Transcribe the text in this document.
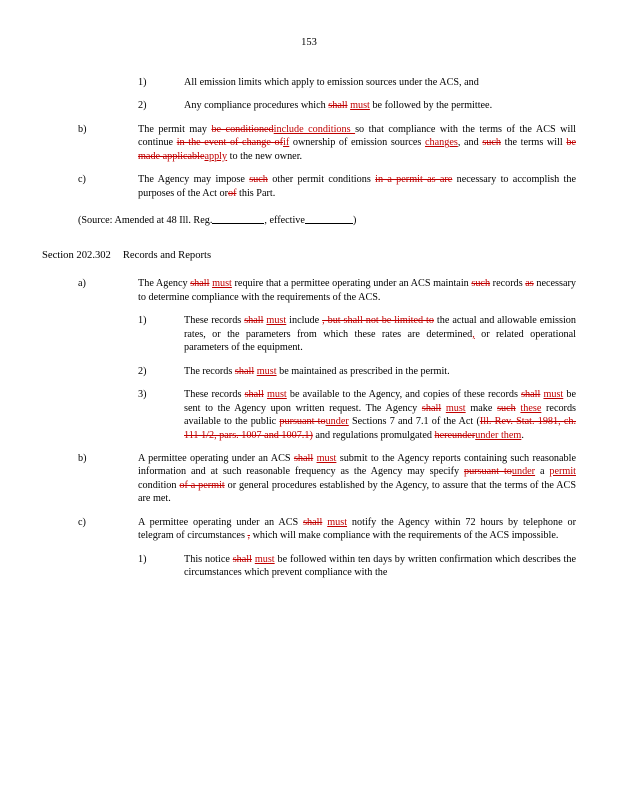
153
1)	All emission limits which apply to emission sources under the ACS, and
2)	Any compliance procedures which shall must be followed by the permittee.
b)	The permit may be conditionedinclude conditions so that compliance with the terms of the ACS will continue in the event of change ofif ownership of emission sources changes, and such the terms will be made applicableapply to the new owner.
c)	The Agency may impose such other permit conditions in a permit as are necessary to accomplish the purposes of the Act orof this Part.
(Source: Amended at 48 Ill. Reg.	, effective	)
Section 202.302 Records and Reports
a)	The Agency shall must require that a permittee operating under an ACS maintain such records as necessary to determine compliance with the requirements of the ACS.
1)	These records shall must include , but shall not be limited to the actual and allowable emission rates, or the parameters from which these rates are determined, or related operational parameters of the equipment.
2)	The records shall must be maintained as prescribed in the permit.
3)	These records shall must be available to the Agency, and copies of these records shall must be sent to the Agency upon written request. The Agency shall must make such these records available to the public pursuant tounder Sections 7 and 7.1 of the Act (Ill. Rev. Stat. 1981, ch. 111 1/2, pars. 1007 and 1007.1) and regulations promulgated hereunderunder them.
b)	A permittee operating under an ACS shall must submit to the Agency reports containing such reasonable information and at such reasonable frequency as the Agency may specify pursuant tounder a permit condition of a permit or general procedures established by the Agency, to assure that the terms of the ACS are met.
c)	A permittee operating under an ACS shall must notify the Agency within 72 hours by telephone or telegram of circumstances , which will make compliance with the requirements of the ACS impossible.
1)	This notice shall must be followed within ten days by written confirmation which describes the circumstances which prevent compliance with the
